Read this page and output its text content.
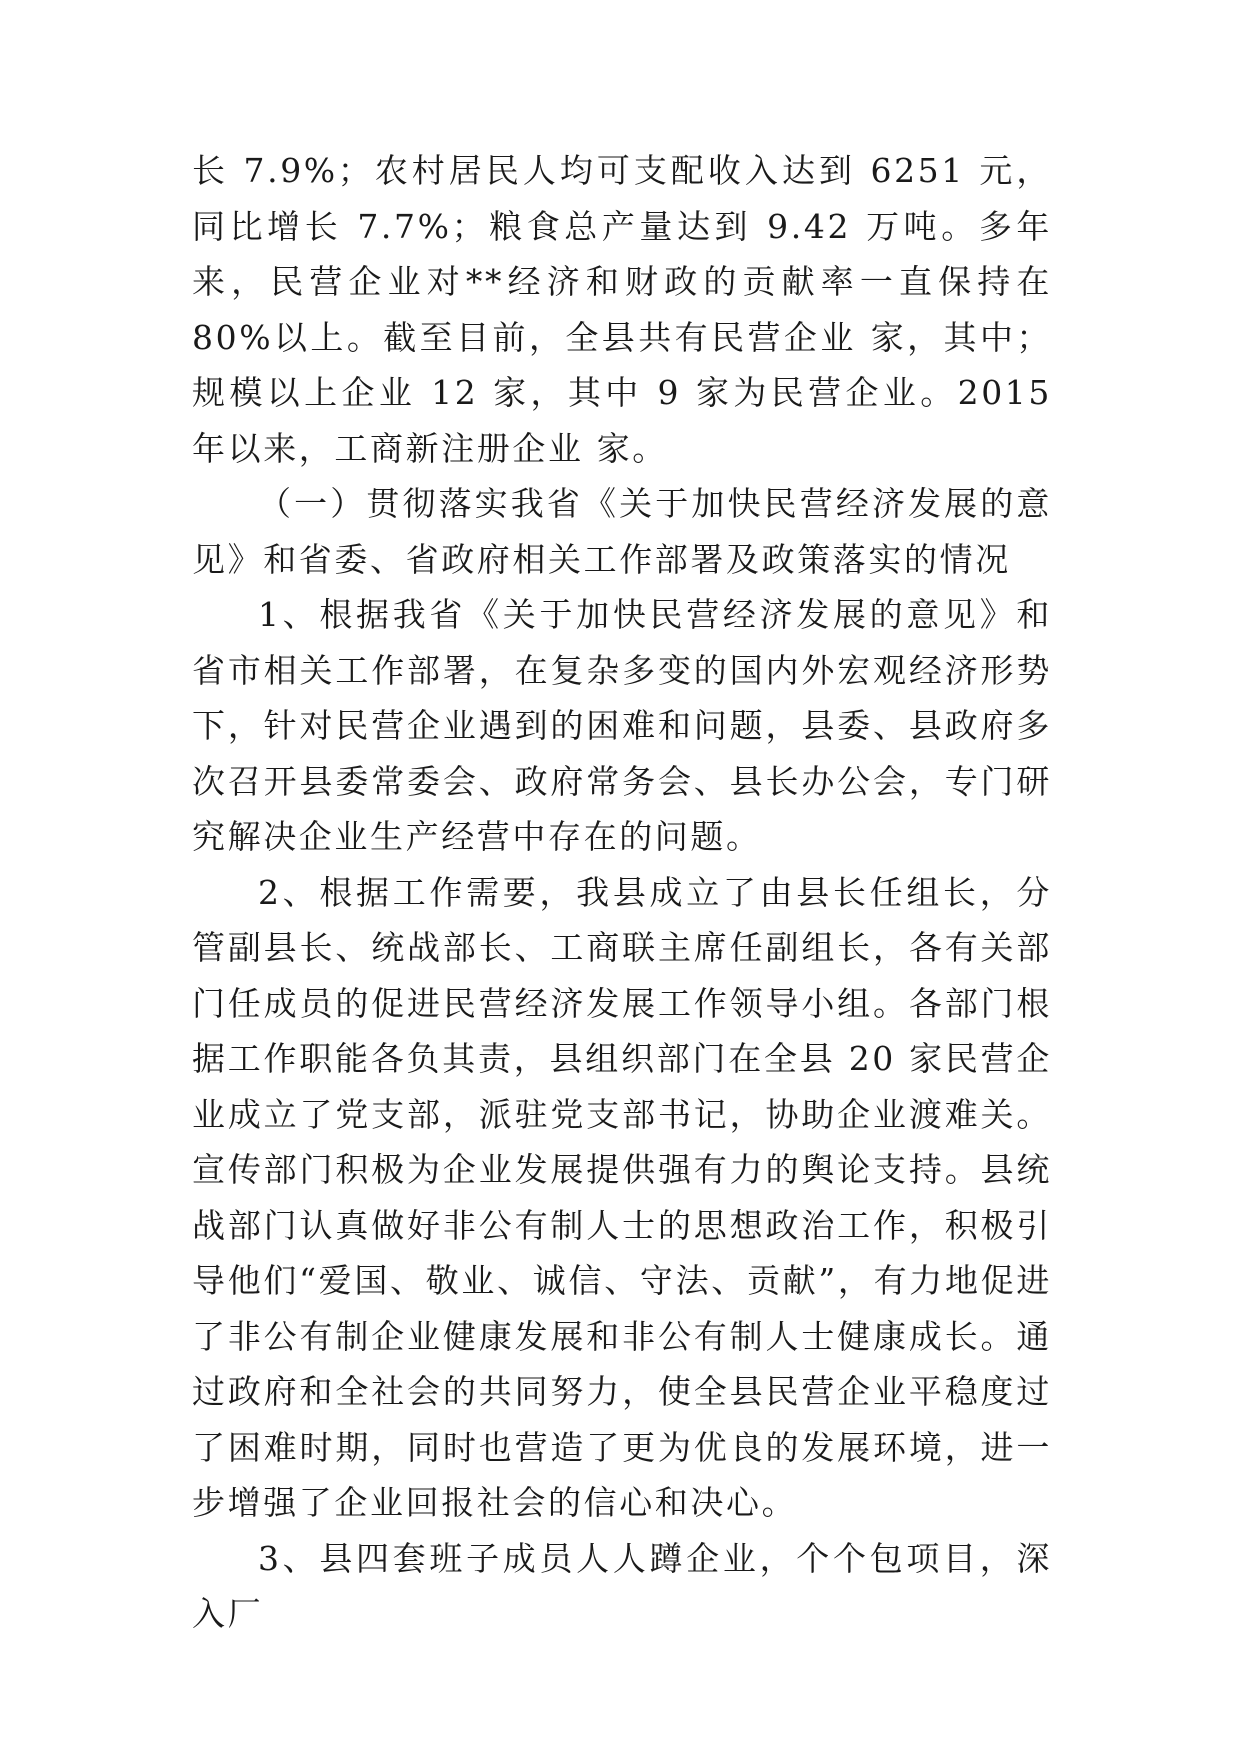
长 7.9%；农村居民人均可支配收入达到 6251 元，同比增长 7.7%；粮食总产量达到 9.42 万吨。多年来，民营企业对**经济和财政的贡献率一直保持在 80%以上。截至目前，全县共有民营企业 家，其中；规模以上企业 12 家，其中 9 家为民营企业。2015 年以来，工商新注册企业 家。

（一）贯彻落实我省《关于加快民营经济发展的意见》和省委、省政府相关工作部署及政策落实的情况

1、根据我省《关于加快民营经济发展的意见》和省市相关工作部署，在复杂多变的国内外宏观经济形势下，针对民营企业遇到的困难和问题，县委、县政府多次召开县委常委会、政府常务会、县长办公会，专门研究解决企业生产经营中存在的问题。

2、根据工作需要，我县成立了由县长任组长，分管副县长、统战部长、工商联主席任副组长，各有关部门任成员的促进民营经济发展工作领导小组。各部门根据工作职能各负其责，县组织部门在全县 20 家民营企业成立了党支部，派驻党支部书记，协助企业渡难关。宣传部门积极为企业发展提供强有力的舆论支持。县统战部门认真做好非公有制人士的思想政治工作，积极引导他们“爱国、敬业、诚信、守法、贡献”，有力地促进了非公有制企业健康发展和非公有制人士健康成长。通过政府和全社会的共同努力，使全县民营企业平稳度过了困难时期，同时也营造了更为优良的发展环境，进一步增强了企业回报社会的信心和决心。

3、县四套班子成员人人蹲企业，个个包项目，深入厂
